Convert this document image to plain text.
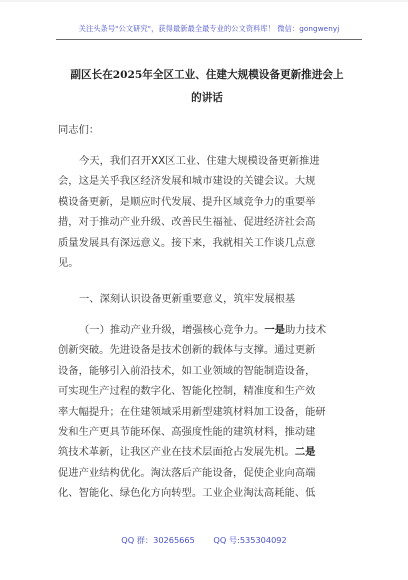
关注头条号"公文研究"，获得最新最全最专业的公文资料库！ 微信：gongwenyj
副区长在2025年全区工业、住建大规模设备更新推进会上
的讲话
同志们：
今天，我们召开XX区工业、住建大规模设备更新推进
会，这是关乎我区经济发展和城市建设的关键会议。大规
模设备更新，是顺应时代发展、提升区域竞争力的重要举
措，对于推动产业升级、改善民生福祉、促进经济社会高
质量发展具有深远意义。接下来，我就相关工作谈几点意
见。
一、深刻认识设备更新重要意义，筑牢发展根基
（一）推动产业升级，增强核心竞争力。一是助力技术
创新突破。先进设备是技术创新的载体与支撑。通过更新
设备，能够引入前沿技术，如工业领域的智能制造设备，
可实现生产过程的数字化、智能化控制，精准度和生产效
率大幅提升；在住建领域采用新型建筑材料加工设备，能研
发和生产更具节能环保、高强度性能的建筑材料，推动建
筑技术革新，让我区产业在技术层面抢占发展先机。二是
促进产业结构优化。淘汰落后产能设备，促使企业向高端
化、智能化、绿色化方向转型。工业企业淘汰高耗能、低
QQ 群：30265665 QQ 号:535304092
